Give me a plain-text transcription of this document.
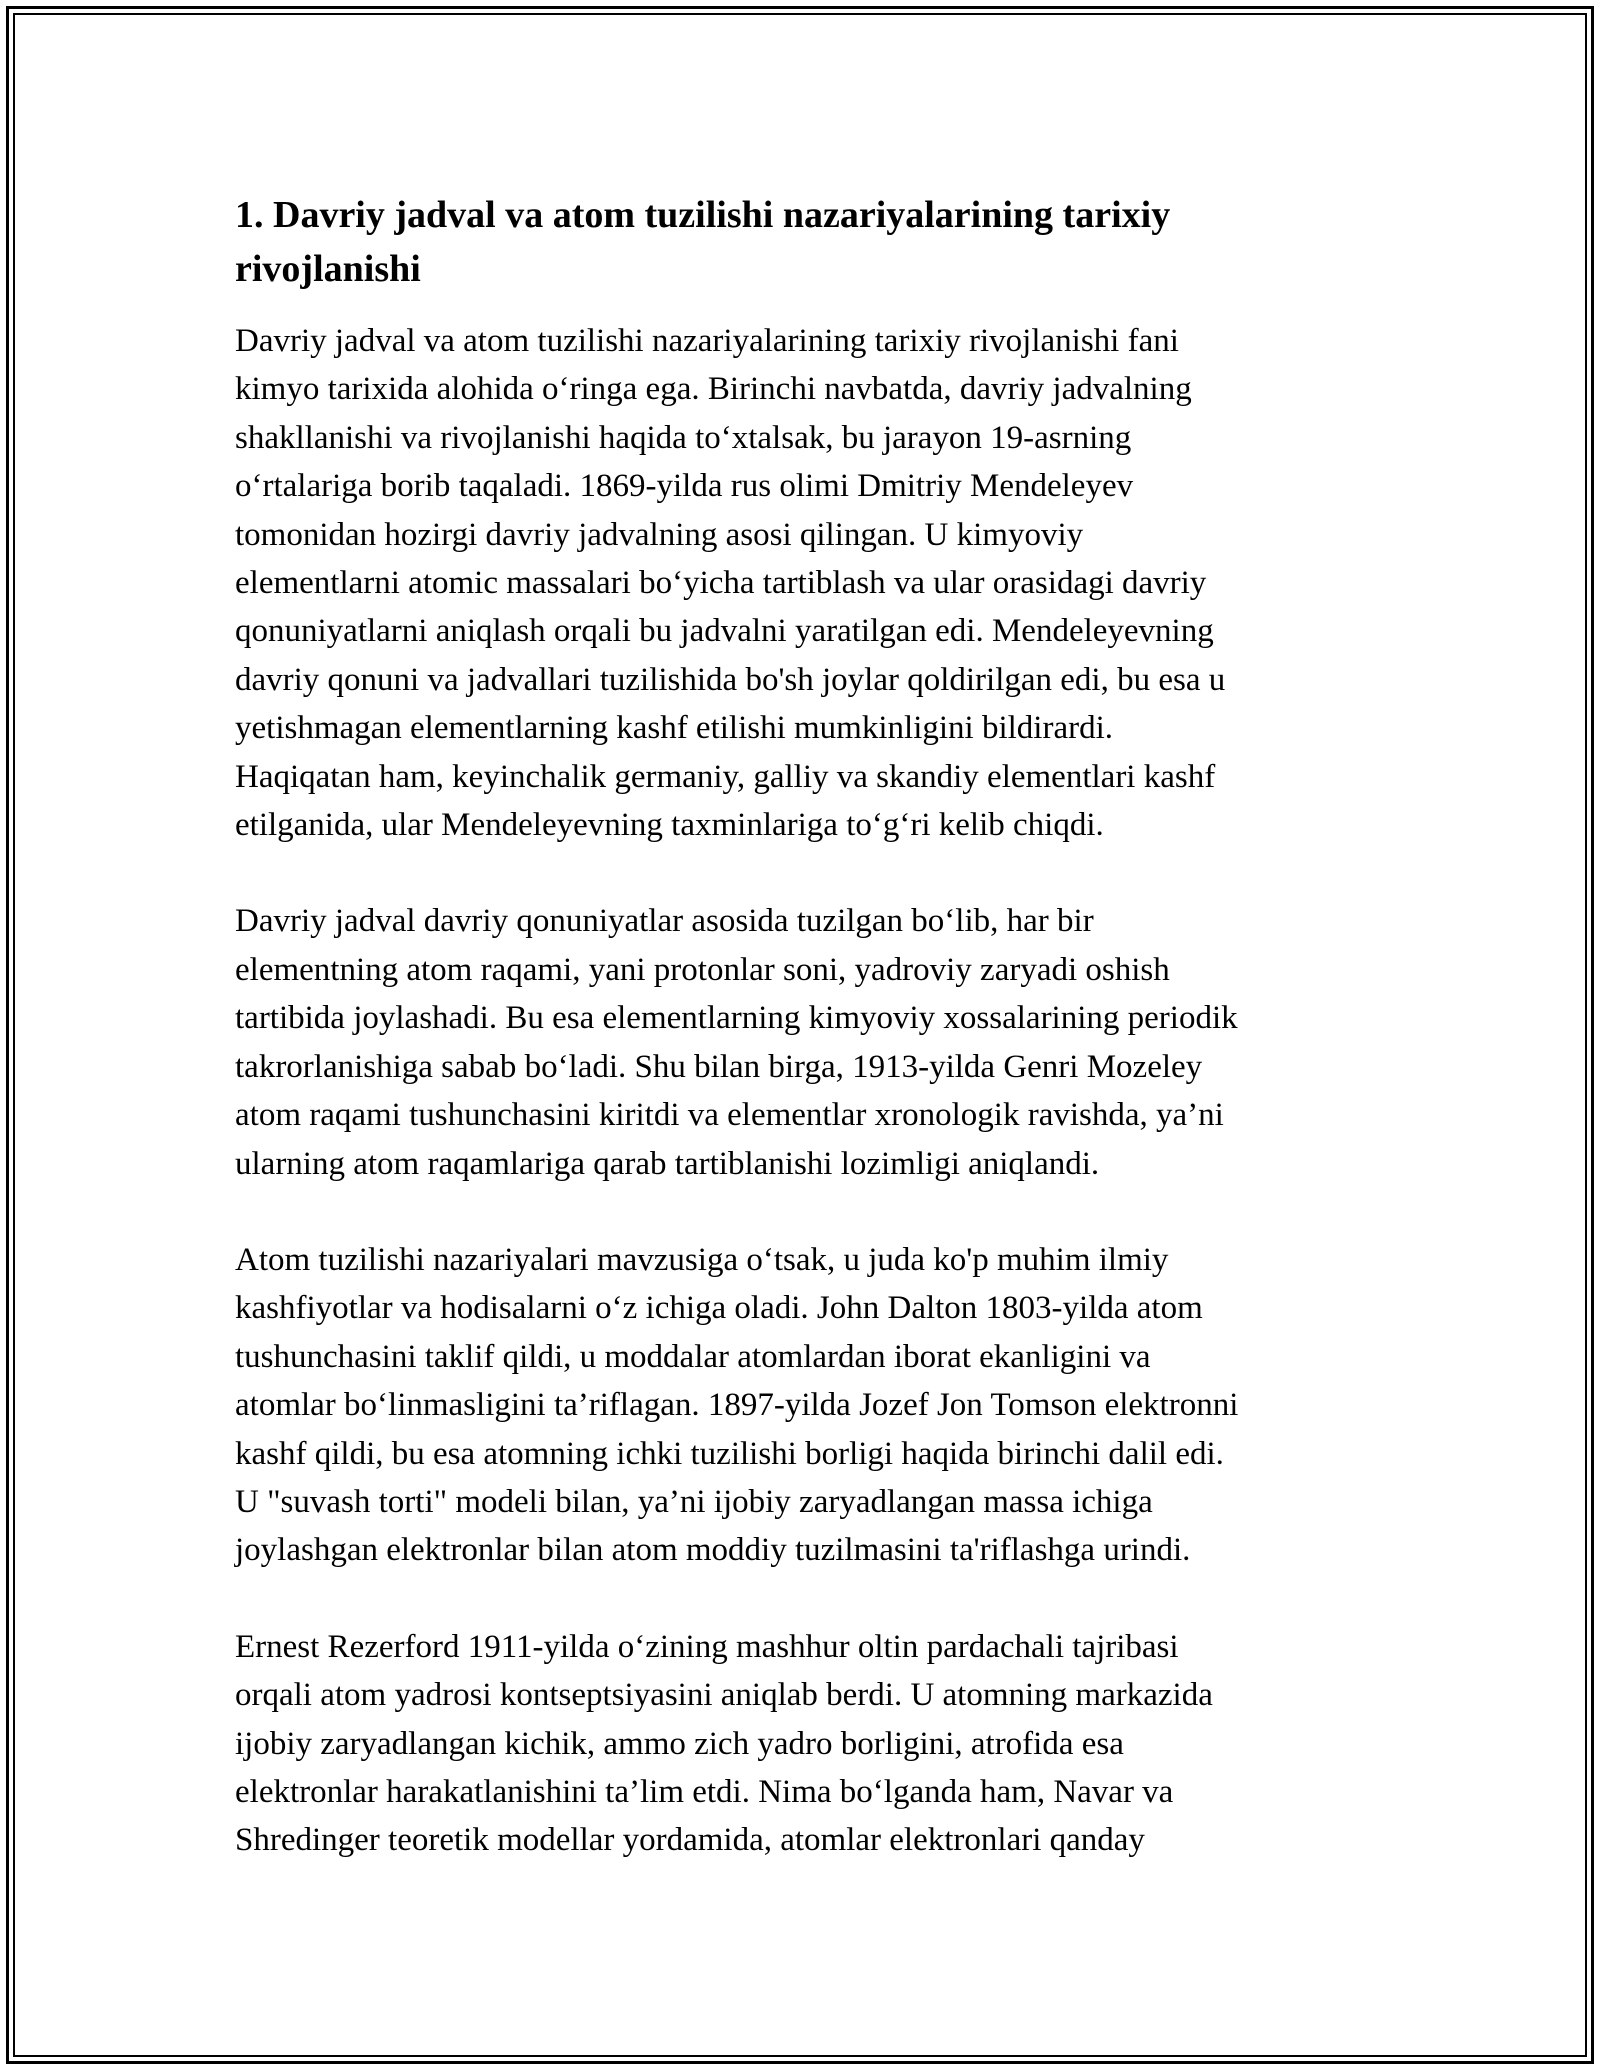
1. Davriy jadval va atom tuzilishi nazariyalarining tarixiy
rivojlanishi
Davriy jadval va atom tuzilishi nazariyalarining tarixiy rivojlanishi fani
kimyo tarixida alohida oʻringa ega. Birinchi navbatda, davriy jadvalning
shakllanishi va rivojlanishi haqida toʻxtalsak, bu jarayon 19-asrning
oʻrtalariga borib taqaladi. 1869-yilda rus olimi Dmitriy Mendeleyev
tomonidan hozirgi davriy jadvalning asosi qilingan. U kimyoviy
elementlarni atomic massalari boʻyicha tartiblash va ular orasidagi davriy
qonuniyatlarni aniqlash orqali bu jadvalni yaratilgan edi. Mendeleyevning
davriy qonuni va jadvallari tuzilishida bo'sh joylar qoldirilgan edi, bu esa u
yetishmagan elementlarning kashf etilishi mumkinligini bildirardi.
Haqiqatan ham, keyinchalik germaniy, galliy va skandiy elementlari kashf
etilganida, ular Mendeleyevning taxminlariga toʻgʻri kelib chiqdi.
Davriy jadval davriy qonuniyatlar asosida tuzilgan boʻlib, har bir
elementning atom raqami, yani protonlar soni, yadroviy zaryadi oshish
tartibida joylashadi. Bu esa elementlarning kimyoviy xossalarining periodik
takrorlanishiga sabab boʻladi. Shu bilan birga, 1913-yilda Genri Mozeley
atom raqami tushunchasini kiritdi va elementlar xronologik ravishda, ya’ni
ularning atom raqamlariga qarab tartiblanishi lozimligi aniqlandi.
Atom tuzilishi nazariyalari mavzusiga oʻtsak, u juda ko'p muhim ilmiy
kashfiyotlar va hodisalarni oʻz ichiga oladi. John Dalton 1803-yilda atom
tushunchasini taklif qildi, u moddalar atomlardan iborat ekanligini va
atomlar boʻlinmasligini ta’riflagan. 1897-yilda Jozef Jon Tomson elektronni
kashf qildi, bu esa atomning ichki tuzilishi borligi haqida birinchi dalil edi.
U "suvash torti" modeli bilan, ya’ni ijobiy zaryadlangan massa ichiga
joylashgan elektronlar bilan atom moddiy tuzilmasini ta'riflashga urindi.
Ernest Rezerford 1911-yilda oʻzining mashhur oltin pardachali tajribasi
orqali atom yadrosi kontseptsiyasini aniqlab berdi. U atomning markazida
ijobiy zaryadlangan kichik, ammo zich yadro borligini, atrofida esa
elektronlar harakatlanishini ta’lim etdi. Nima boʻlganda ham, Navar va
Shredinger teoretik modellar yordamida, atomlar elektronlari qanday
